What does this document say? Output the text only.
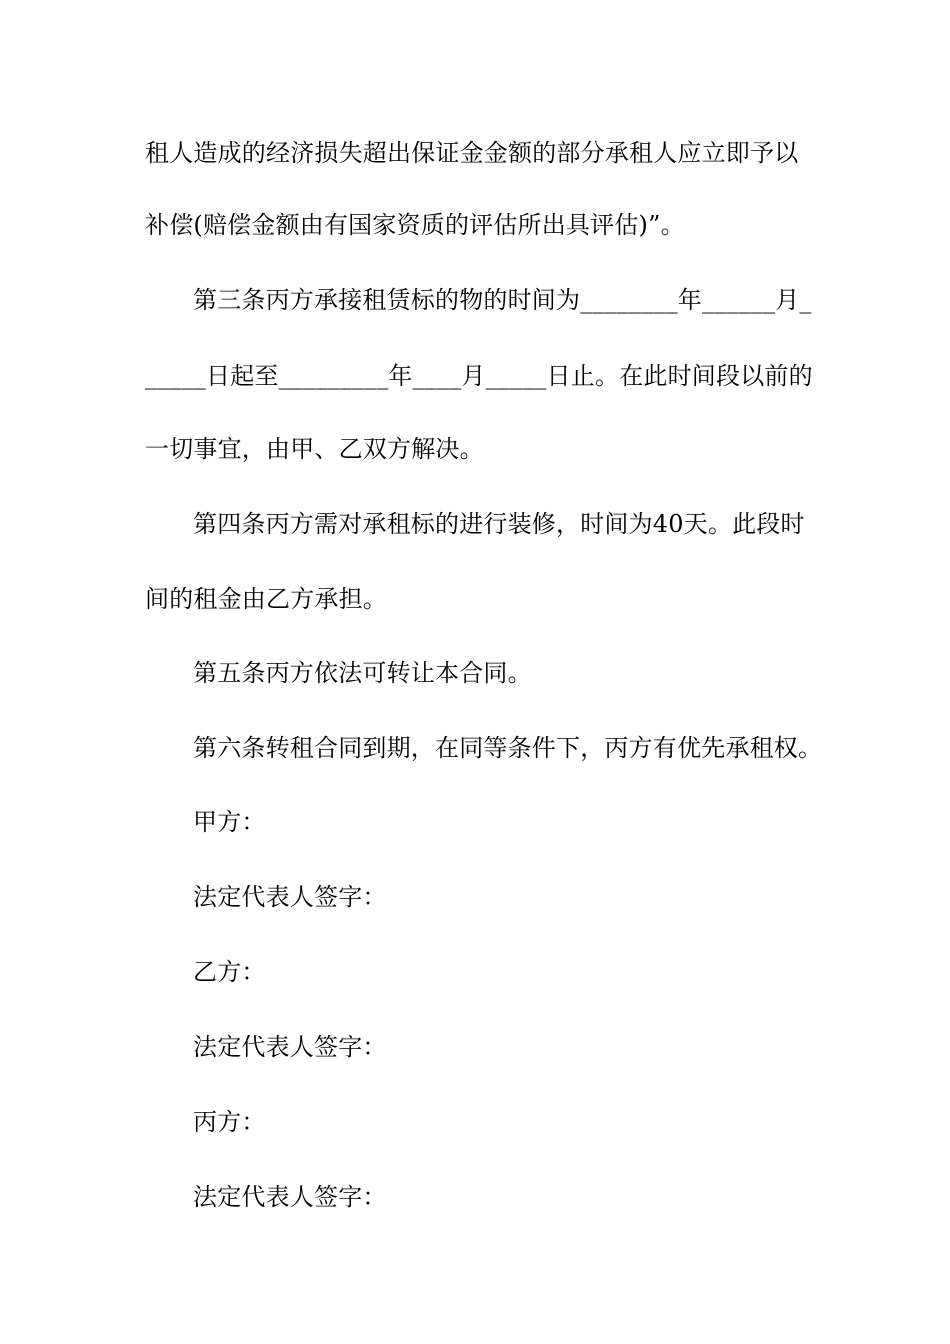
租人造成的经济损失超出保证金金额的部分承租人应立即予以
补偿(赔偿金额由有国家资质的评估所出具评估)”。
第三条丙方承接租赁标的物的时间为________年______月_
_____日起至_________年____月_____日止。在此时间段以前的
一切事宜，由甲、乙双方解决。
第四条丙方需对承租标的进行装修，时间为40天。此段时
间的租金由乙方承担。
第五条丙方依法可转让本合同。
第六条转租合同到期，在同等条件下，丙方有优先承租权。
甲方：
法定代表人签字：
乙方：
法定代表人签字：
丙方：
法定代表人签字：
